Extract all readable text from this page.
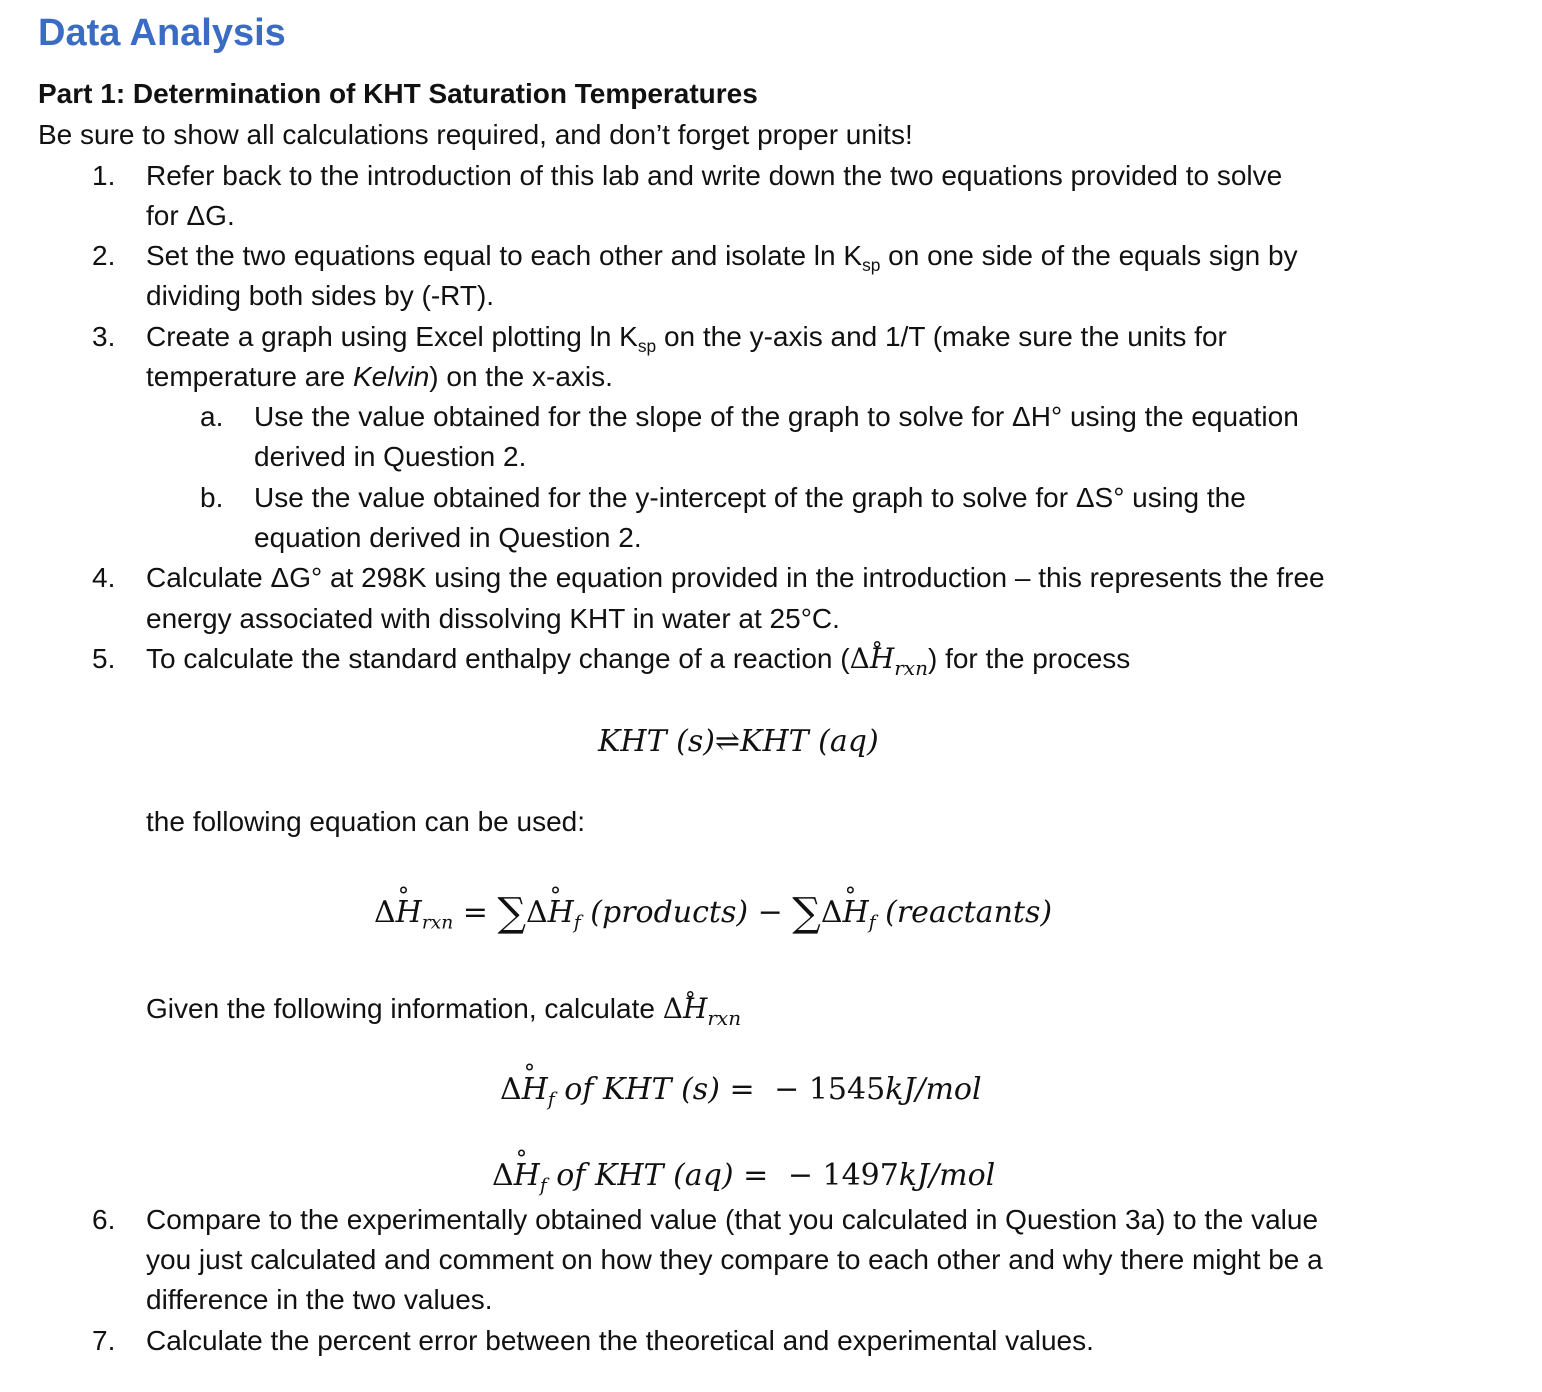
Data Analysis
Part 1: Determination of KHT Saturation Temperatures
Be sure to show all calculations required, and don’t forget proper units!
1.	Refer back to the introduction of this lab and write down the two equations provided to solve
for ΔG.
2.	Set the two equations equal to each other and isolate $\ln K_{sp}$ on one side of the equals sign by
dividing both sides by (-RT).
3.	Create a graph using Excel plotting $\ln K_{sp}$ on the y-axis and 1/T (make sure the units for
temperature are Kelvin) on the x-axis.
a. Use the value obtained for the slope of the graph to solve for ΔH° using the equation
derived in Question 2.
b. Use the value obtained for the y-intercept of the graph to solve for ΔS° using the
equation derived in Question 2.
4.	Calculate ΔG° at 298K using the equation provided in the introduction – this represents the free
energy associated with dissolving KHT in water at 25°C.
5.	To calculate the standard enthalpy change of a reaction (Δ° $H_{rxn}$) for the process
KHT (s)⇌KHT (aq)
the following equation can be used:
Δ° $H_{rxn} = \sum\Delta^\circ$ $H_f$ (products) − ∑Δ° $H_f$ (reactants)
Given the following information, calculate Δ° $H_{rxn}$
Δ° $H_f$ of KHT (s) = − 1545kJ/mol
Δ° $H_f$ of KHT (aq) = − 1497kJ/mol
6.	Compare to the experimentally obtained value (that you calculated in Question 3a) to the value
you just calculated and comment on how they compare to each other and why there might be a
difference in the two values.
7.	Calculate the percent error between the theoretical and experimental values.
